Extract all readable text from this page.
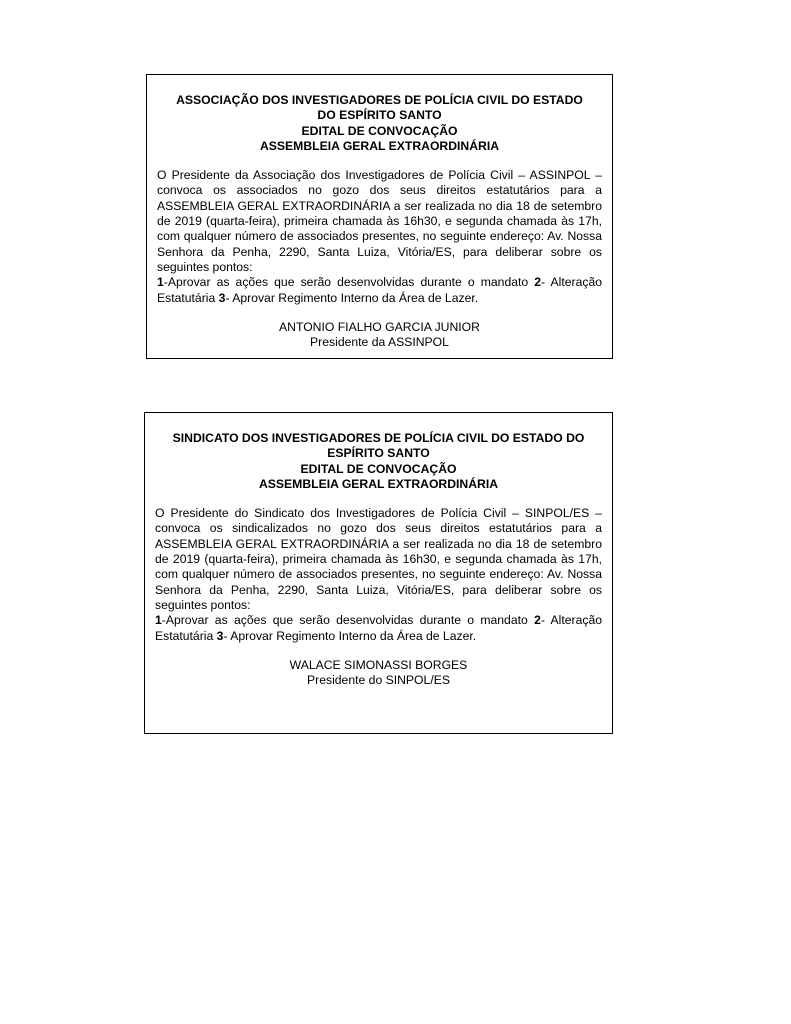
ASSOCIAÇÃO DOS INVESTIGADORES DE POLÍCIA CIVIL DO ESTADO
DO ESPÍRITO SANTO
EDITAL DE CONVOCAÇÃO
ASSEMBLEIA GERAL EXTRAORDINÁRIA

O Presidente da Associação dos Investigadores de Polícia Civil – ASSINPOL – convoca os associados no gozo dos seus direitos estatutários para a ASSEMBLEIA GERAL EXTRAORDINÁRIA a ser realizada no dia 18 de setembro de 2019 (quarta-feira), primeira chamada às 16h30, e segunda chamada às 17h, com qualquer número de associados presentes, no seguinte endereço: Av. Nossa Senhora da Penha, 2290, Santa Luiza, Vitória/ES, para deliberar sobre os seguintes pontos:

1-Aprovar as ações que serão desenvolvidas durante o mandato 2- Alteração Estatutária 3- Aprovar Regimento Interno da Área de Lazer.

ANTONIO FIALHO GARCIA JUNIOR
Presidente da ASSINPOL
SINDICATO DOS INVESTIGADORES DE POLÍCIA CIVIL DO ESTADO DO
ESPÍRITO SANTO
EDITAL DE CONVOCAÇÃO
ASSEMBLEIA GERAL EXTRAORDINÁRIA

O Presidente do Sindicato dos Investigadores de Polícia Civil – SINPOL/ES – convoca os sindicalizados no gozo dos seus direitos estatutários para a ASSEMBLEIA GERAL EXTRAORDINÁRIA a ser realizada no dia 18 de setembro de 2019 (quarta-feira), primeira chamada às 16h30, e segunda chamada às 17h, com qualquer número de associados presentes, no seguinte endereço: Av. Nossa Senhora da Penha, 2290, Santa Luiza, Vitória/ES, para deliberar sobre os seguintes pontos:

1-Aprovar as ações que serão desenvolvidas durante o mandato 2- Alteração Estatutária 3- Aprovar Regimento Interno da Área de Lazer.

WALACE SIMONASSI BORGES
Presidente do SINPOL/ES
